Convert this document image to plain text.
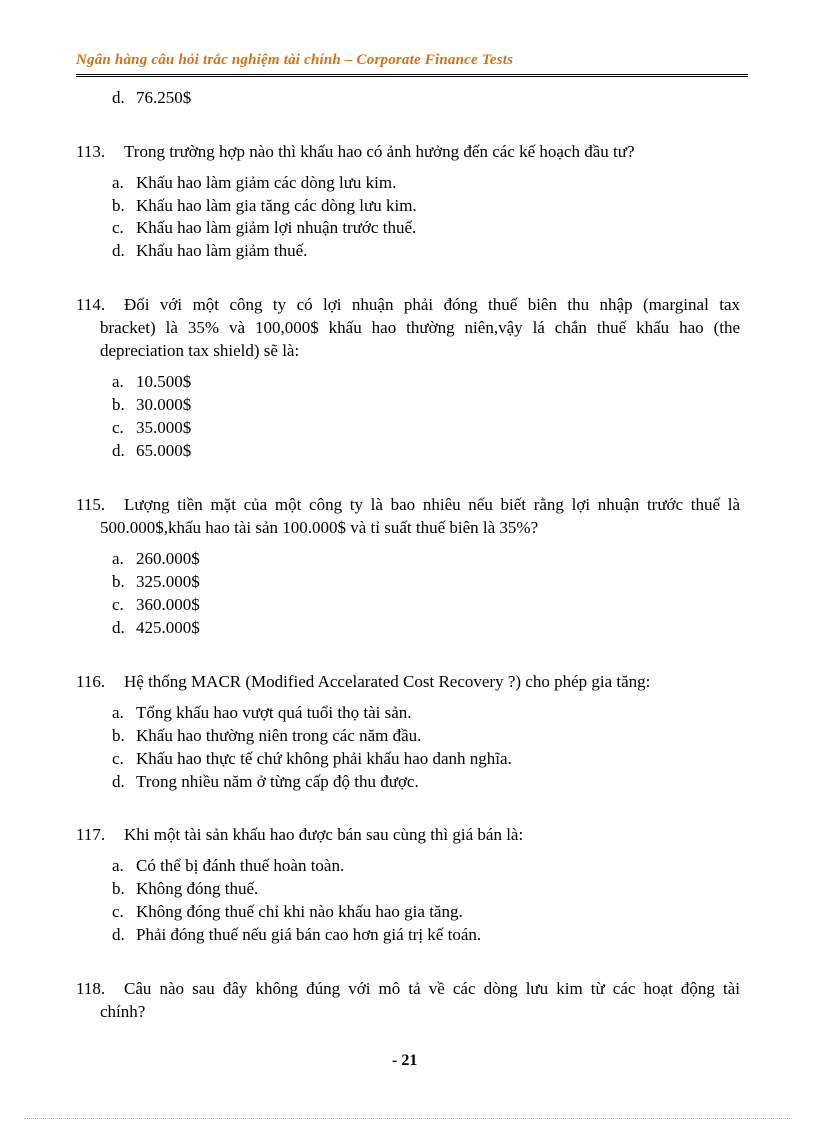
Ngân hàng câu hỏi trắc nghiệm tài chính – Corporate Finance Tests
d. 76.250$
113. Trong trường hợp nào thì khấu hao có ảnh hưởng đến các kế hoạch đầu tư?
a. Khấu hao làm giảm các dòng lưu kim.
b. Khấu hao làm gia tăng các dòng lưu kim.
c. Khấu hao làm giảm lợi nhuận trước thuế.
d. Khấu hao làm giảm thuế.
114. Đối với một công ty có lợi nhuận phải đóng thuế biên thu nhập (marginal tax
bracket) là 35% và 100,000$ khấu hao thường niên,vậy lá chắn thuế khấu hao (the
depreciation tax shield) sẽ là:
a. 10.500$
b. 30.000$
c. 35.000$
d. 65.000$
115. Lượng tiền mặt của một công ty là bao nhiêu nếu biết rằng lợi nhuận trước thuế là
500.000$,khấu hao tài sản 100.000$ và tỉ suất thuế biên là 35%?
a. 260.000$
b. 325.000$
c. 360.000$
d. 425.000$
116. Hệ thống MACR (Modified Accelarated Cost Recovery ?) cho phép gia tăng:
a. Tổng khấu hao vượt quá tuổi thọ tài sản.
b. Khấu hao thường niên trong các năm đầu.
c. Khấu hao thực tế chứ không phải khấu hao danh nghĩa.
d. Trong nhiều năm ở từng cấp độ thu được.
117. Khi một tài sản khấu hao được bán sau cùng thì giá bán là:
a. Có thể bị đánh thuế hoàn toàn.
b. Không đóng thuế.
c. Không đóng thuế chỉ khi nào khấu hao gia tăng.
d. Phải đóng thuế nếu giá bán cao hơn giá trị kế toán.
118. Câu nào sau đây không đúng với mô tả về các dòng lưu kim từ các hoạt động tài
chính?
- 21
